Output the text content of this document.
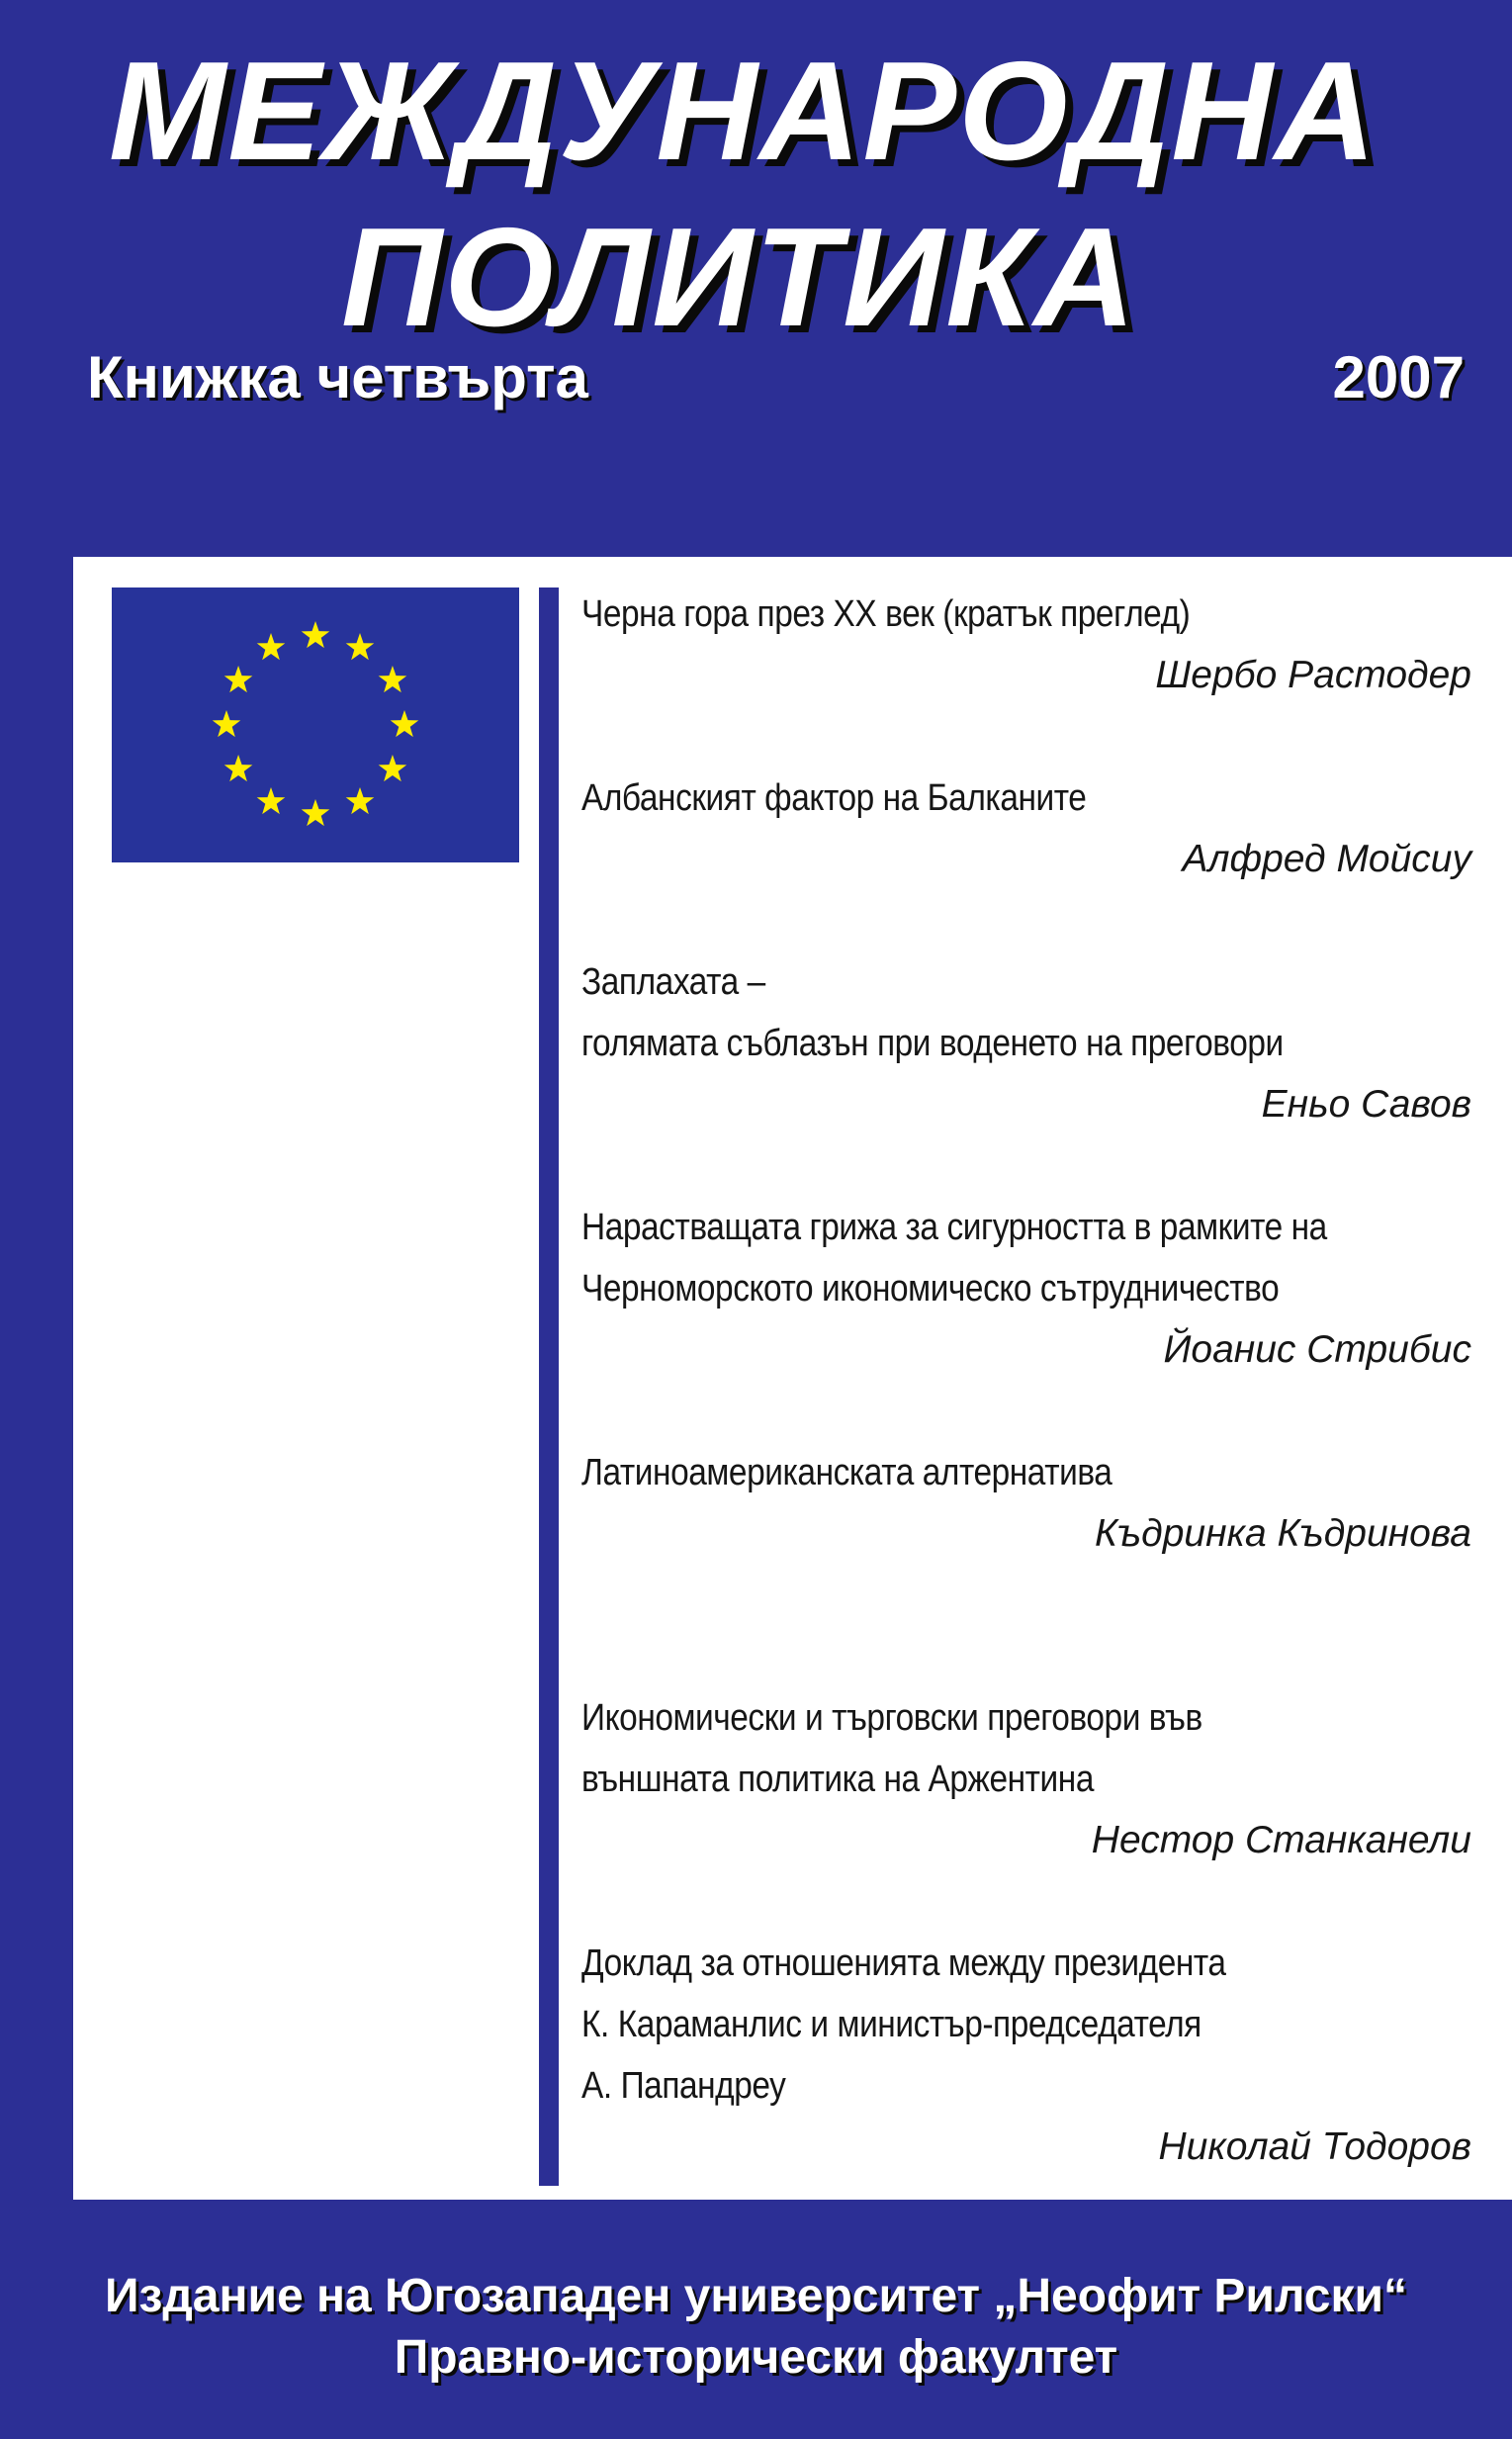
МЕЖДУНАРОДНА
ПОЛИТИКА
Книжка четвърта	2007
Черна гора през XX век (кратък преглед)
Шербо Растодер
Албанският фактор на Балканите
Алфред Мойсиу
Заплахата –
голямата съблазън при воденето на преговори
Еньо Савов
Нарастващата грижа за сигурността в рамките на
Черноморското икономическо сътрудничество
Йоанис Стрибис
Латиноамериканската алтернатива
Къдринка Къдринова
Икономически и търговски преговори във
външната политика на Аржентина
Нестор Станканели
Доклад за отношенията между президента
К. Караманлис и министър-председателя
А. Папандреу
Николай Тодоров
Издание на Югозападен университет „Неофит Рилски“
Правно-исторически факултет
